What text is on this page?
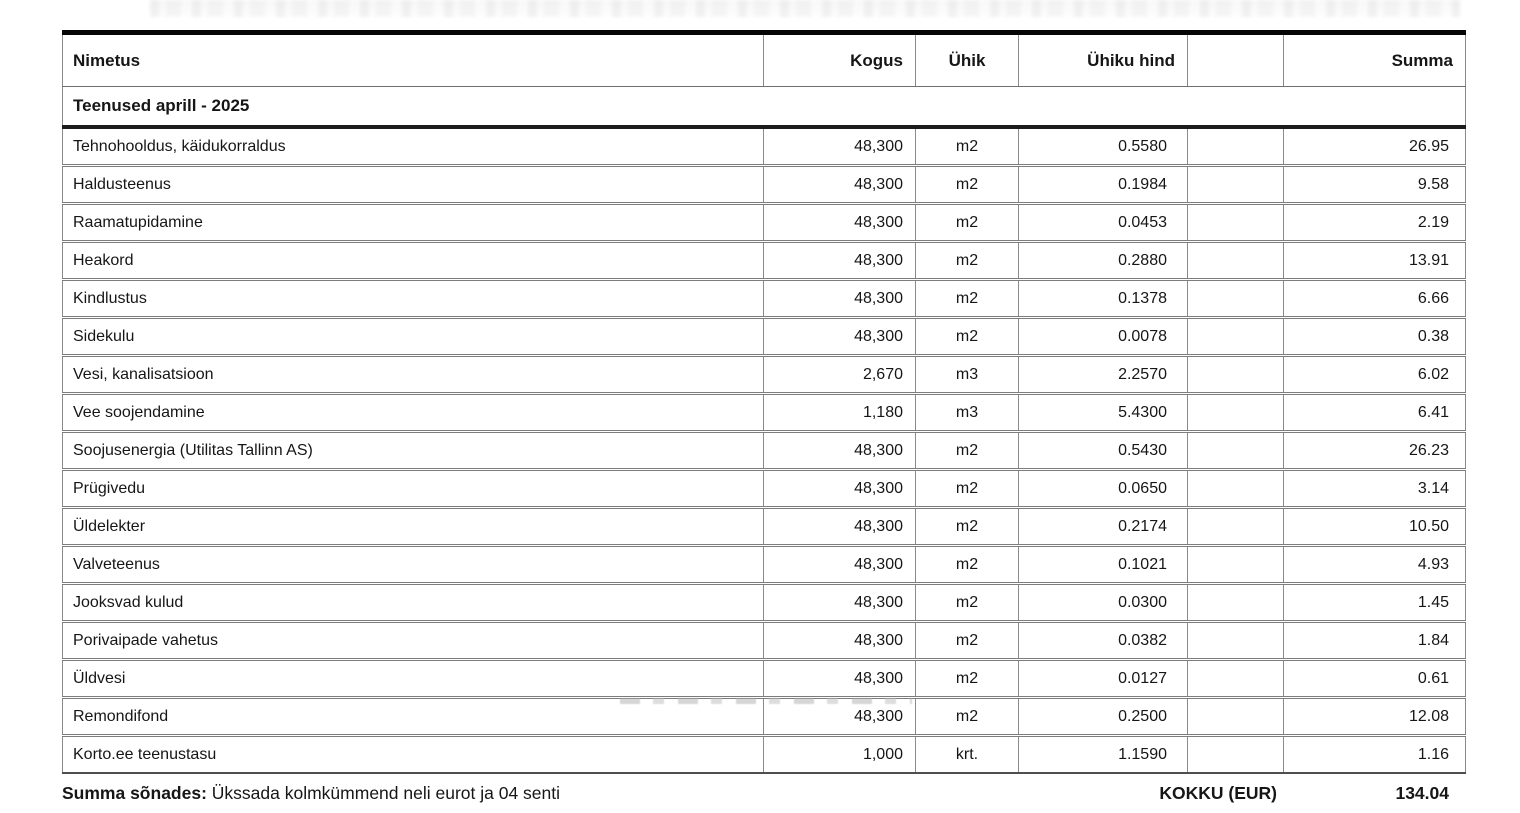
Nimetus	Kogus	Ühik	Ühiku hind		Summa
Teenused aprill - 2025					
Tehnohooldus, käidukorraldus	48,300	m2	0.5580		26.95
Haldusteenus	48,300	m2	0.1984		9.58
Raamatupidamine	48,300	m2	0.0453		2.19
Heakord	48,300	m2	0.2880		13.91
Kindlustus	48,300	m2	0.1378		6.66
Sidekulu	48,300	m2	0.0078		0.38
Vesi, kanalisatsioon	2,670	m3	2.2570		6.02
Vee soojendamine	1,180	m3	5.4300		6.41
Soojusenergia (Utilitas Tallinn AS)	48,300	m2	0.5430		26.23
Prügivedu	48,300	m2	0.0650		3.14
Üldelekter	48,300	m2	0.2174		10.50
Valveteenus	48,300	m2	0.1021		4.93
Jooksvad kulud	48,300	m2	0.0300		1.45
Porivaipade vahetus	48,300	m2	0.0382		1.84
Üldvesi	48,300	m2	0.0127		0.61
Remondifond	48,300	m2	0.2500		12.08
Korto.ee teenustasu	1,000	krt.	1.1590		1.16
Summa sõnades: Ükssada kolmkümmend neli eurot ja 04 senti	KOKKU (EUR)	134.04
